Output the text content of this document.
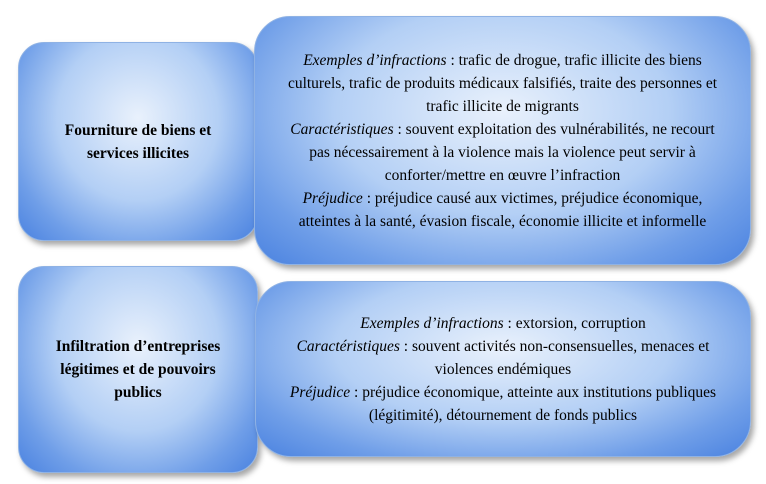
Fourniture de biens et services illicites
Exemples d’infractions : trafic de drogue, trafic illicite des biens culturels, trafic de produits médicaux falsifiés, traite des personnes et trafic illicite de migrants
Caractéristiques : souvent exploitation des vulnérabilités, ne recourt pas nécessairement à la violence mais la violence peut servir à conforter/mettre en œuvre l’infraction
Préjudice : préjudice causé aux victimes, préjudice économique, atteintes à la santé, évasion fiscale, économie illicite et informelle
Infiltration d’entreprises légitimes et de pouvoirs publics
Exemples d’infractions : extorsion, corruption
Caractéristiques : souvent activités non-consensuelles, menaces et violences endémiques
Préjudice : préjudice économique, atteinte aux institutions publiques (légitimité), détournement de fonds publics
